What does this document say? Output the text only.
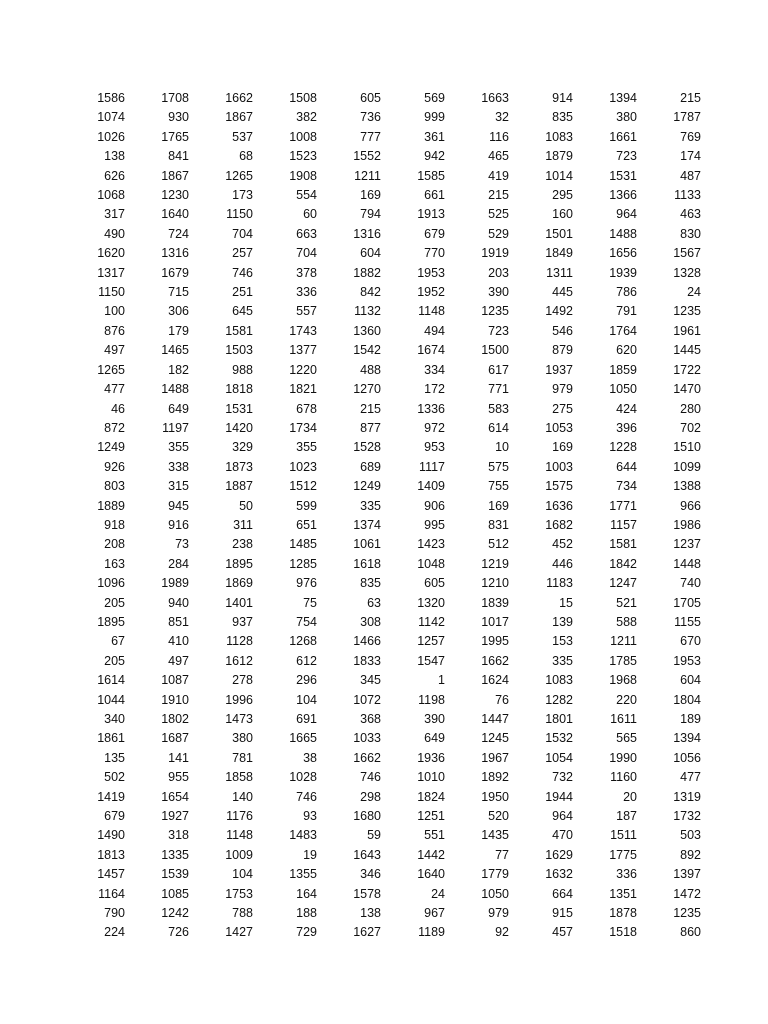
1586	1708	1662	1508	605	569	1663	914	1394	215
1074	930	1867	382	736	999	32	835	380	1787
1026	1765	537	1008	777	361	116	1083	1661	769
138	841	68	1523	1552	942	465	1879	723	174
626	1867	1265	1908	1211	1585	419	1014	1531	487
1068	1230	173	554	169	661	215	295	1366	1133
317	1640	1150	60	794	1913	525	160	964	463
490	724	704	663	1316	679	529	1501	1488	830
1620	1316	257	704	604	770	1919	1849	1656	1567
1317	1679	746	378	1882	1953	203	1311	1939	1328
1150	715	251	336	842	1952	390	445	786	24
100	306	645	557	1132	1148	1235	1492	791	1235
876	179	1581	1743	1360	494	723	546	1764	1961
497	1465	1503	1377	1542	1674	1500	879	620	1445
1265	182	988	1220	488	334	617	1937	1859	1722
477	1488	1818	1821	1270	172	771	979	1050	1470
46	649	1531	678	215	1336	583	275	424	280
872	1197	1420	1734	877	972	614	1053	396	702
1249	355	329	355	1528	953	10	169	1228	1510
926	338	1873	1023	689	1117	575	1003	644	1099
803	315	1887	1512	1249	1409	755	1575	734	1388
1889	945	50	599	335	906	169	1636	1771	966
918	916	311	651	1374	995	831	1682	1157	1986
208	73	238	1485	1061	1423	512	452	1581	1237
163	284	1895	1285	1618	1048	1219	446	1842	1448
1096	1989	1869	976	835	605	1210	1183	1247	740
205	940	1401	75	63	1320	1839	15	521	1705
1895	851	937	754	308	1142	1017	139	588	1155
67	410	1128	1268	1466	1257	1995	153	1211	670
205	497	1612	612	1833	1547	1662	335	1785	1953
1614	1087	278	296	345	1	1624	1083	1968	604
1044	1910	1996	104	1072	1198	76	1282	220	1804
340	1802	1473	691	368	390	1447	1801	1611	189
1861	1687	380	1665	1033	649	1245	1532	565	1394
135	141	781	38	1662	1936	1967	1054	1990	1056
502	955	1858	1028	746	1010	1892	732	1160	477
1419	1654	140	746	298	1824	1950	1944	20	1319
679	1927	1176	93	1680	1251	520	964	187	1732
1490	318	1148	1483	59	551	1435	470	1511	503
1813	1335	1009	19	1643	1442	77	1629	1775	892
1457	1539	104	1355	346	1640	1779	1632	336	1397
1164	1085	1753	164	1578	24	1050	664	1351	1472
790	1242	788	188	138	967	979	915	1878	1235
224	726	1427	729	1627	1189	92	457	1518	860
